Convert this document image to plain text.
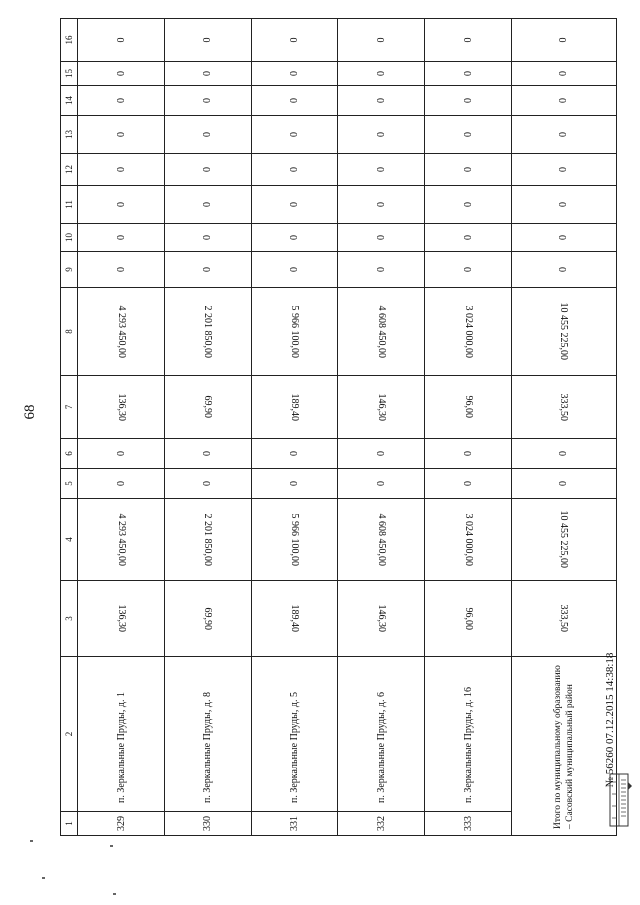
68
1	2	3	4	5	6	7	8	9	10	11	12	13	14	15	16
329	п. Зеркальные Пруды, д. 1	136,30	4 293 450,00	0	0	136,30	4 293 450,00	0	0	0	0	0	0	0	0
330	п. Зеркальные Пруды, д. 8	69,90	2 201 850,00	0	0	69,90	2 201 850,00	0	0	0	0	0	0	0	0
331	п. Зеркальные Пруды, д. 5	189,40	5 966 100,00	0	0	189,40	5 966 100,00	0	0	0	0	0	0	0	0
332	п. Зеркальные Пруды, д. 6	146,30	4 608 450,00	0	0	146,30	4 608 450,00	0	0	0	0	0	0	0	0
333	п. Зеркальные Пруды, д. 16	96,00	3 024 000,00	0	0	96,00	3 024 000,00	0	0	0	0	0	0	0	0
Итого по муниципальному образованию – Сасовский муниципальный район		333,50	10 455 225,00	0	0	333,50	10 455 225,00	0	0	0	0	0	0	0	0
№ 56260 07.12.2015 14:38:18
